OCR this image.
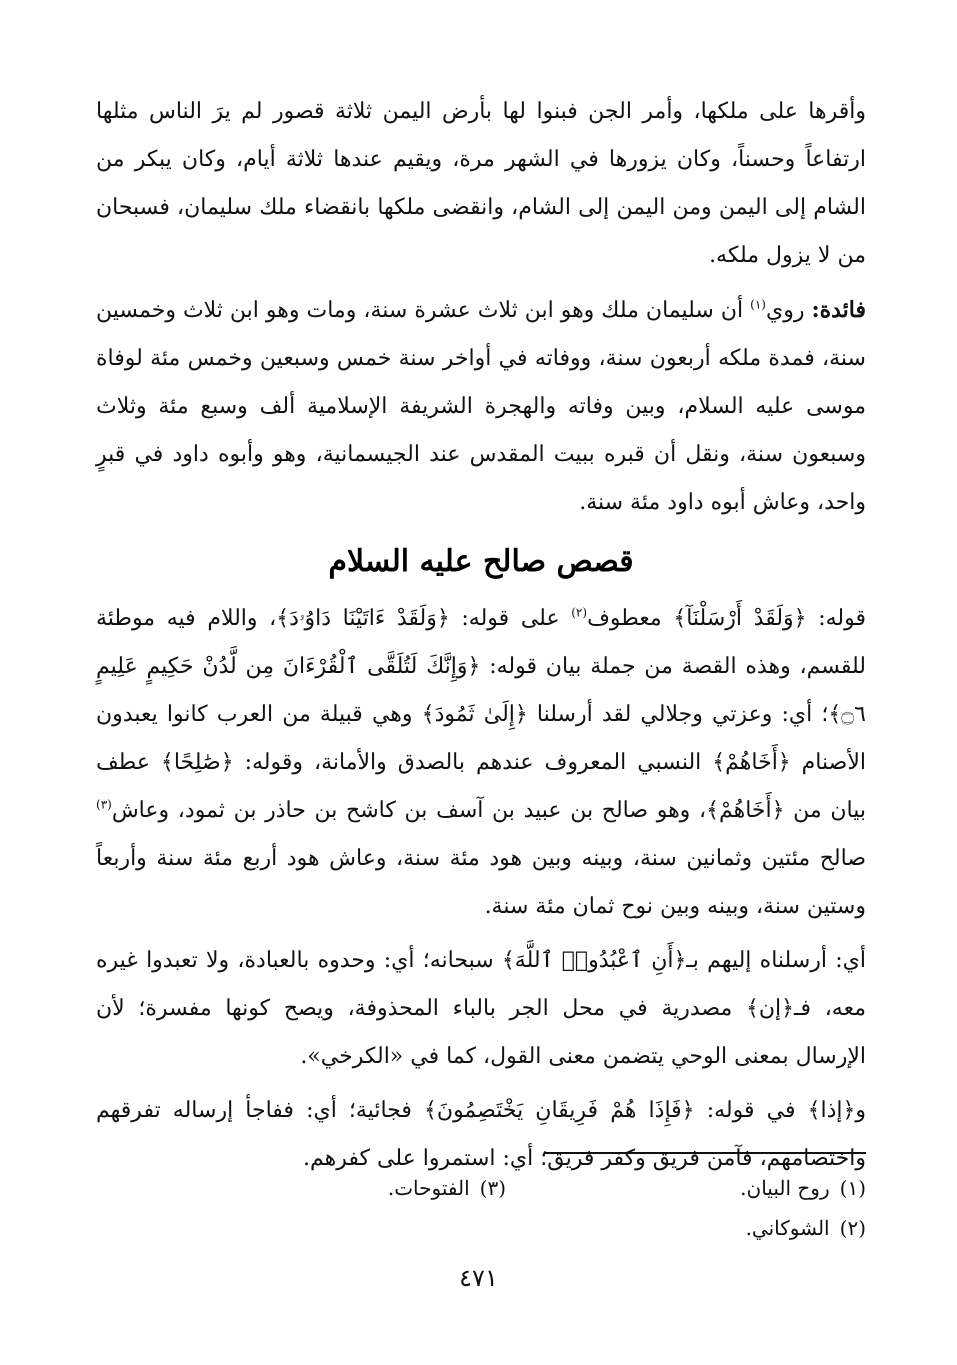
وأقرها على ملكها، وأمر الجن فبنوا لها بأرض اليمن ثلاثة قصور لم يرَ الناس مثلها ارتفاعاً وحسناً، وكان يزورها في الشهر مرة، ويقيم عندها ثلاثة أيام، وكان يبكر من الشام إلى اليمن ومن اليمن إلى الشام، وانقضى ملكها بانقضاء ملك سليمان، فسبحان من لا يزول ملكه.

فائدة: روي$^{(١)}$ أن سليمان ملك وهو ابن ثلاث عشرة سنة، ومات وهو ابن ثلاث وخمسين سنة، فمدة ملكه أربعون سنة، ووفاته في أواخر سنة خمس وسبعين وخمس مئة لوفاة موسى عليه السلام، وبين وفاته والهجرة الشريفة الإسلامية ألف وسبع مئة وثلاث وسبعون سنة، ونقل أن قبره ببيت المقدس عند الجيسمانية، وهو وأبوه داود في قبرٍ واحد، وعاش أبوه داود مئة سنة.

قصص صالح عليه السلام

قوله: ﴿وَلَقَدْ أَرْسَلْنَآ﴾ معطوف$^{(٢)}$ على قوله: ﴿وَلَقَدْ ءَاتَيْنَا دَاوُۥدَ﴾، واللام فيه موطئة للقسم، وهذه القصة من جملة بيان قوله: ﴿وَإِنَّكَ لَتُلَقَّى ٱلْقُرْءَانَ مِن لَّدُنْ حَكِيمٍ عَلِيمٍ ۝٦﴾؛ أي: وعزتي وجلالي لقد أرسلنا ﴿إِلَىٰ ثَمُودَ﴾ وهي قبيلة من العرب كانوا يعبدون الأصنام ﴿أَخَاهُمْ﴾ النسبي المعروف عندهم بالصدق والأمانة، وقوله: ﴿صَٰلِحًا﴾ عطف بيان من ﴿أَخَاهُمْ﴾، وهو صالح بن عبيد بن آسف بن كاشح بن حاذر بن ثمود، وعاش$^{(٣)}$ صالح مئتين وثمانين سنة، وبينه وبين هود مئة سنة، وعاش هود أربع مئة سنة وأربعاً وستين سنة، وبينه وبين نوح ثمان مئة سنة.

أي: أرسلناه إليهم بـ﴿أَنِ ٱعْبُدُوا۟ ٱللَّهَ﴾ سبحانه؛ أي: وحدوه بالعبادة، ولا تعبدوا غيره معه، فـ﴿إن﴾ مصدرية في محل الجر بالباء المحذوفة، ويصح كونها مفسرة؛ لأن الإرسال بمعنى الوحي يتضمن معنى القول، كما في «الكرخي».

و﴿إذا﴾ في قوله: ﴿فَإِذَا هُمْ فَرِيقَانِ يَخْتَصِمُونَ﴾ فجائية؛ أي: ففاجأ إرساله تفرقهم واختصامهم، فآمن فريق وكفر فريق؛ أي: استمروا على كفرهم.

(١)روح البيان.
(٣)الفتوحات.
(٢)الشوكاني.
٤٧١
